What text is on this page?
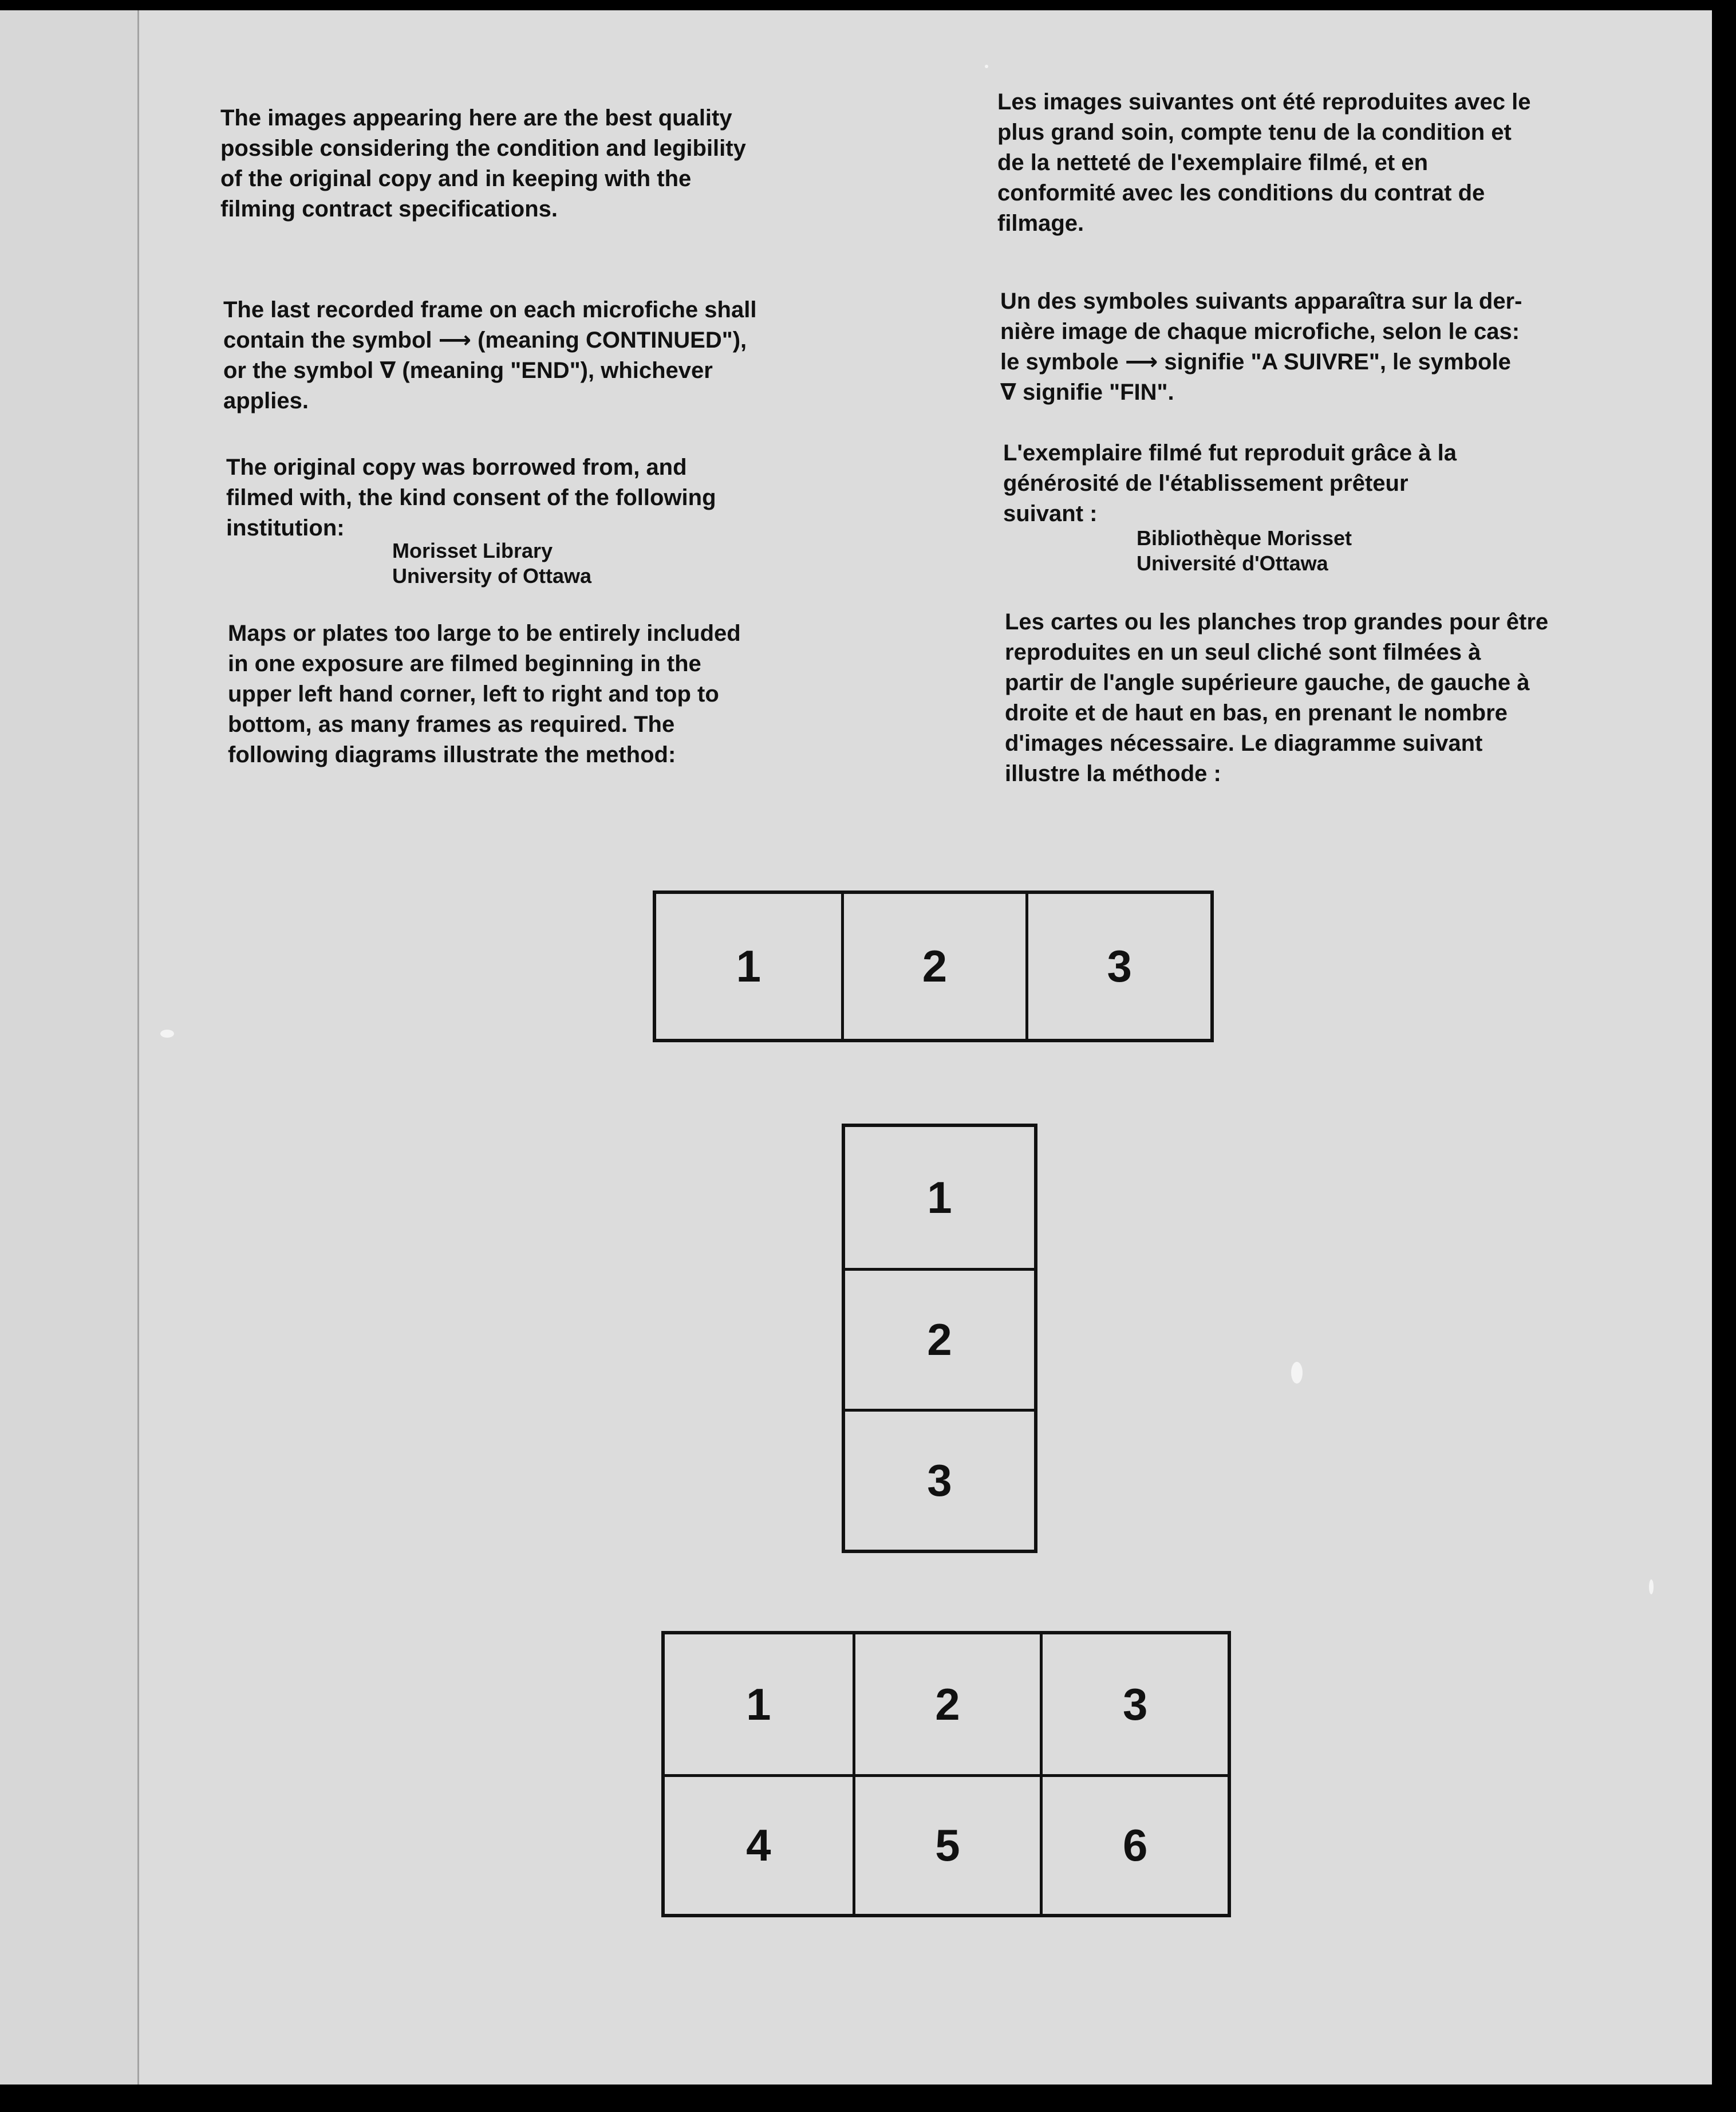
The images appearing here are the best quality
possible considering the condition and legibility
of the original copy and in keeping with the
filming contract specifications.

The last recorded frame on each microfiche shall
contain the symbol ⟶ (meaning CONTINUED"),
or the symbol ∇ (meaning "END"), whichever
applies.

The original copy was borrowed from, and
filmed with, the kind consent of the following
institution:

Morisset Library
University of Ottawa

Maps or plates too large to be entirely included
in one exposure are filmed beginning in the
upper left hand corner, left to right and top to
bottom, as many frames as required. The
following diagrams illustrate the method:

Les images suivantes ont été reproduites avec le
plus grand soin, compte tenu de la condition et
de la netteté de l'exemplaire filmé, et en
conformité avec les conditions du contrat de
filmage.

Un des symboles suivants apparaîtra sur la der-
nière image de chaque microfiche, selon le cas:
le symbole ⟶ signifie "A SUIVRE", le symbole
∇ signifie "FIN".

L'exemplaire filmé fut reproduit grâce à la
générosité de l'établissement prêteur
suivant :

Bibliothèque Morisset
Université d'Ottawa

Les cartes ou les planches trop grandes pour être
reproduites en un seul cliché sont filmées à
partir de l'angle supérieure gauche, de gauche à
droite et de haut en bas, en prenant le nombre
d'images nécessaire. Le diagramme suivant
illustre la méthode :

1	2	3
1
2
3
1	2	3
4	5	6
